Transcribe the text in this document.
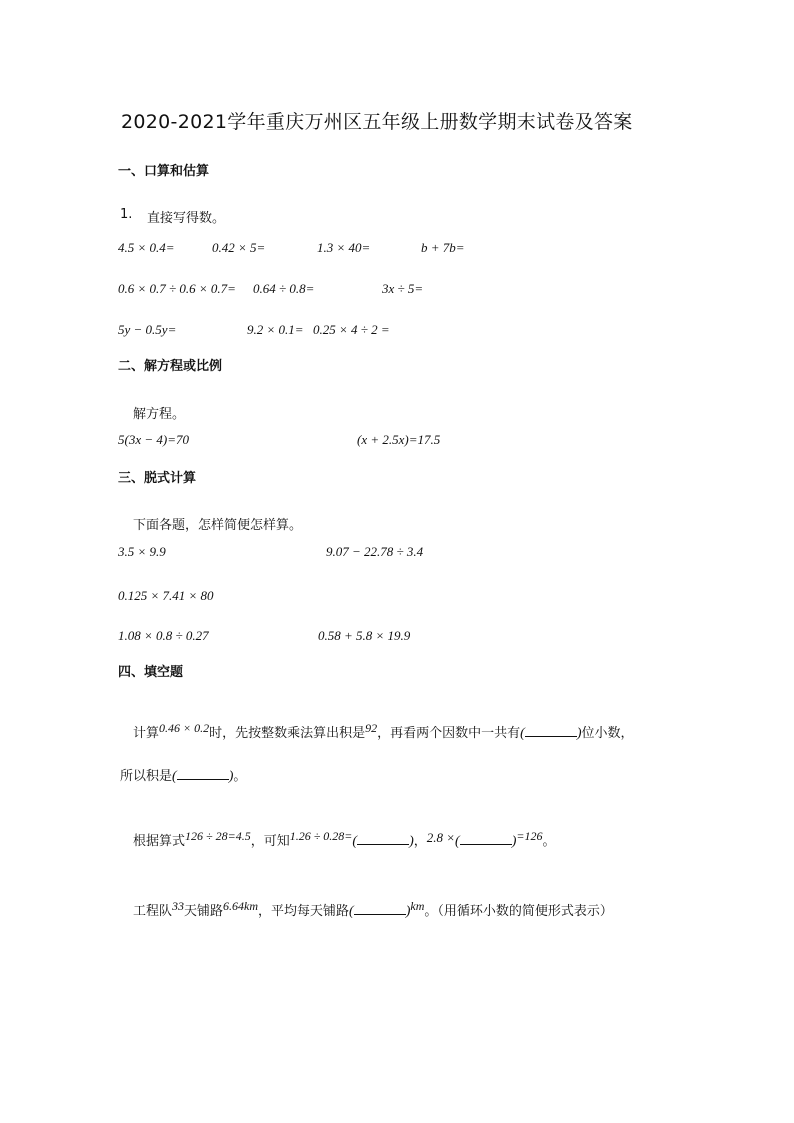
2020-2021学年重庆万州区五年级上册数学期末试卷及答案
一、口算和估算
1. 直接写得数。
4.5 × 0.4=	0.42 × 5=	1.3 × 40=	b + 7b=
0.6 × 0.7 ÷ 0.6 × 0.7= 0.64 ÷ 0.8=	3x ÷ 5=
5y − 0.5y=	9.2 × 0.1= 0.25 × 4 ÷ 2 =
二、解方程或比例
解方程。
5(3x − 4)=70	(x + 2.5x)=17.5
三、脱式计算
下面各题，怎样简便怎样算。
3.5 × 9.9	9.07 − 22.78 ÷ 3.4
0.125 × 7.41 × 80
1.08 × 0.8 ÷ 0.27	0.58 + 5.8 × 19.9
四、填空题
计算0.46 × 0.2时，先按整数乘法算出积是92，再看两个因数中一共有(	)位小数，
所以积是(	)。
根据算式126 ÷ 28=4.5，可知1.26 ÷ 0.28=(	)，2.8 ×(	)=126。
工程队33天铺路6.64km，平均每天铺路(	)km。（用循环小数的简便形式表示）
